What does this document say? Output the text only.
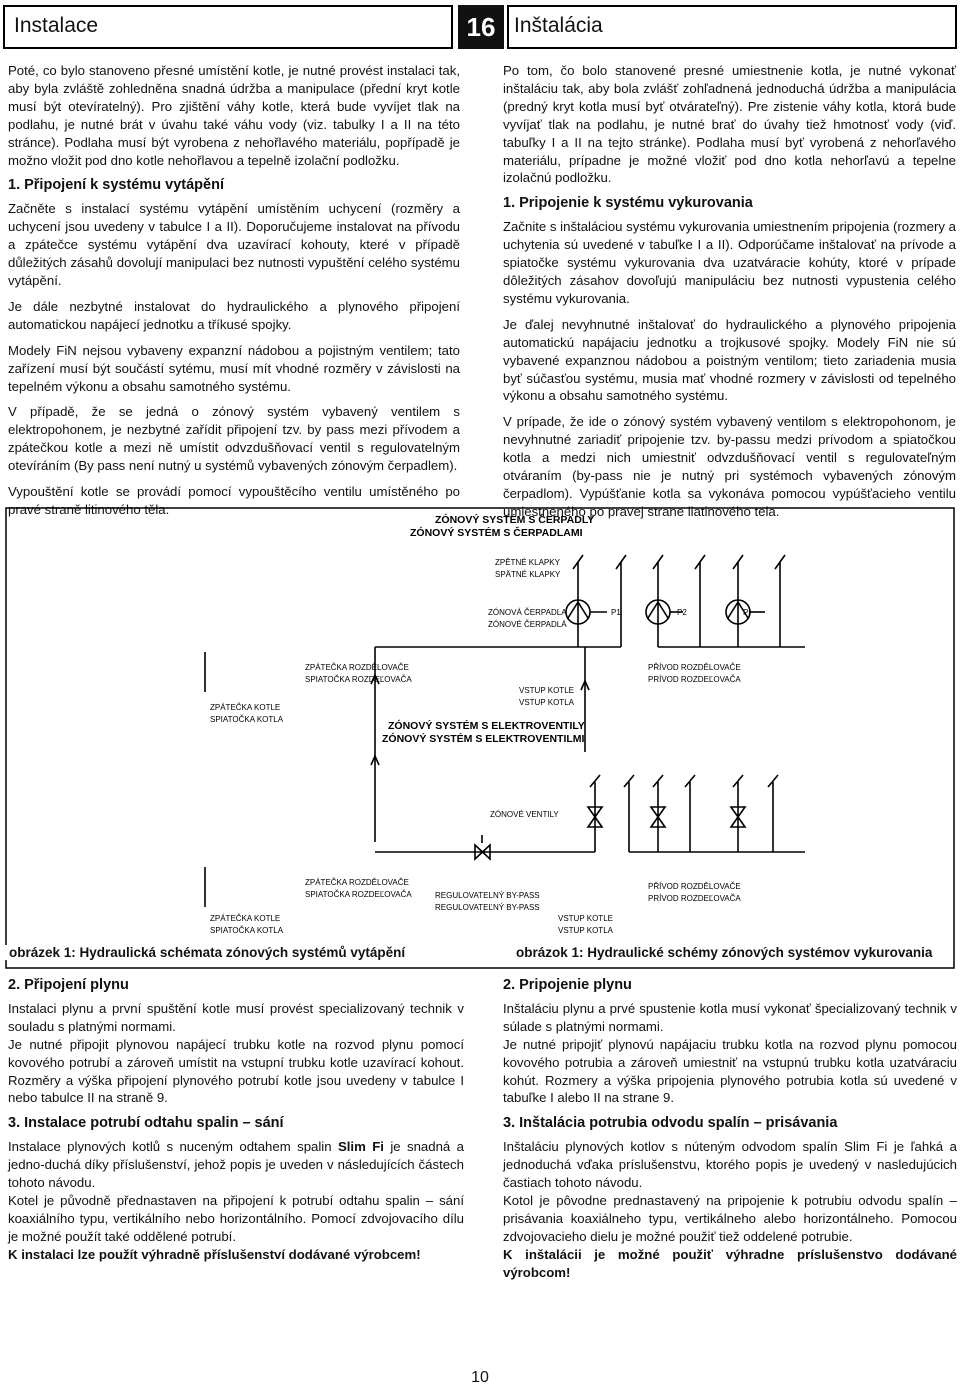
Instalace	16 Inštalácia

Poté, co bylo stanoveno přesné umístění kotle, je nutné provést instalaci tak, aby byla zvláště zohledněna snadná údržba a manipulace (přední kryt kotle musí být otevíratelný). Pro zjištění váhy kotle, která bude vyvíjet tlak na podlahu, je nutné brát v úvahu také váhu vody (viz. tabulky I a II na této stránce). Podlaha musí být vyrobena z nehořlavého materiálu, popřípadě je možno vložit pod dno kotle nehořlavou a tepelně izolační podložku.

1. Připojení k systému vytápění

Začněte s instalací systému vytápění umístěním uchycení (rozměry a uchycení jsou uvedeny v tabulce I a II). Doporučujeme instalovat na přívodu a zpátečce systému vytápění dva uzavírací kohouty, které v případě důležitých zásahů dovolují manipulaci bez nutnosti vypuštění celého systému vytápění.

Je dále nezbytné instalovat do hydraulického a plynového připojení automatickou napájecí jednotku a tříkusé spojky.

Modely FiN nejsou vybaveny expanzní nádobou a pojistným ventilem; tato zařízení musí být součástí sytému, musí mít vhodné rozměry v závislosti na tepelném výkonu a obsahu samotného systému.

V případě, že se jedná o zónový systém vybavený ventilem s elektropohonem, je nezbytné zařídit připojení tzv. by pass mezi přívodem a zpátečkou kotle a mezi ně umístit odvzdušňovací ventil s regulovatelným otevíráním (By pass není nutný u systémů vybavených zónovým čerpadlem).

Vypouštění kotle se provádí pomocí vypouštěcího ventilu umístěného po pravé straně litinového těla.

Po tom, čo bolo stanovené presné umiestnenie kotla, je nutné vykonať inštaláciu tak, aby bola zvlášť zohľadnená jednoduchá údržba a manipulácia (predný kryt kotla musí byť otvárateľný). Pre zistenie váhy kotla, ktorá bude vyvíjať tlak na podlahu, je nutné brať do úvahy tiež hmotnosť vody (viď. tabuľky I a II na tejto stránke). Podlaha musí byť vyrobená z nehorľavého materiálu, prípadne je možné vložiť pod dno kotla nehorľavú a tepelne izolačnú podložku.

1. Pripojenie k systému vykurovania

Začnite s inštaláciou systému vykurovania umiestnením pripojenia (rozmery a uchytenia sú uvedené v tabuľke I a II). Odporúčame inštalovať na prívode a spiatočke systému vykurovania dva uzatváracie kohúty, ktoré v prípade dôležitých zásahov dovoľujú manipuláciu bez nutnosti vypustenia celého systému vykurovania.

Je ďalej nevyhnutné inštalovať do hydraulického a plynového pripojenia automatickú napájaciu jednotku a trojkusové spojky. Modely FiN nie sú vybavené expanznou nádobou a poistným ventilom; tieto zariadenia musia byť súčasťou systému, musia mať vhodné rozmery v závislosti od tepelného výkonu a obsahu samotného systému.

V prípade, že ide o zónový systém vybavený ventilom s elektropohonom, je nevyhnutné zariadiť pripojenie tzv. by-passu medzi prívodom a spiatočkou kotla a medzi nich umiestniť odvzdušňovací ventil s regulovateľným otváraním (by-pass nie je nutný pri systémoch vybavených zónovým čerpadlom). Vypúšťanie kotla sa vykonáva pomocou vypúšťacieho ventilu umiestneného po pravej strane liatinového tela.

ZÓNOVÝ SYSTÉM S ČERPADLY
ZÓNOVÝ SYSTÉM S ČERPADLAMI
ZPĚTNÉ KLAPKY
SPÄTNÉ KLAPKY
ZÓNOVÁ ČERPADLA
ZÓNOVÉ ČERPADLÁ
P1	P2	Pr
ZPÁTEČKA ROZDĚLOVAČE
SPIATOČKA ROZDEĽOVAČA
PŘÍVOD ROZDĚLOVAČE
PRÍVOD ROZDEĽOVAČA
VSTUP KOTLE
VSTUP KOTLA
ZPÁTEČKA KOTLE
SPIATOČKA KOTLA
ZÓNOVÝ SYSTÉM S ELEKTROVENTILY
ZÓNOVÝ SYSTÉM S ELEKTROVENTILMI
ZÓNOVÉ VENTILY
ZPÁTEČKA ROZDĚLOVAČE
SPIATOČKA ROZDEĽOVAČA	REGULOVATELNÝ BY-PASS
REGULOVATEĽNÝ BY-PASS
PŘÍVOD ROZDĚLOVAČE
PRÍVOD ROZDEĽOVAČA
VSTUP KOTLE
VSTUP KOTLA
ZPÁTEČKA KOTLE
SPIATOČKA KOTLA
obrázek 1: Hydraulická schémata zónových systémů vytápění	obrázok 1: Hydraulické schémy zónových systémov vykurovania
2. Připojení plynu

Instalaci plynu a první spuštění kotle musí provést specializovaný technik v souladu s platnými normami.

Je nutné připojit plynovou napájecí trubku kotle na rozvod plynu pomocí kovového potrubí a zároveň umístit na vstupní trubku kotle uzavírací kohout. Rozměry a výška připojení plynového potrubí kotle jsou uvedeny v tabulce I nebo tabulce II na straně 9.

3. Instalace potrubí odtahu spalin – sání

Instalace plynových kotlů s nuceným odtahem spalin Slim Fi je snadná a jedno-duchá díky příslušenství, jehož popis je uveden v následujících částech tohoto návodu.

Kotel je původně přednastaven na připojení k potrubí odtahu spalin – sání koaxiálního typu, vertikálního nebo horizontálního. Pomocí zdvojovacího dílu je možné použít také oddělené potrubí.

K instalaci lze použít výhradně příslušenství dodávané výrobcem!

2. Pripojenie plynu

Inštaláciu plynu a prvé spustenie kotla musí vykonať špecializovaný technik v súlade s platnými normami.

Je nutné pripojiť plynovú napájaciu trubku kotla na rozvod plynu pomocou kovového potrubia a zároveň umiestniť na vstupnú trubku kotla uzatváraciu kohút. Rozmery a výška pripojenia plynového potrubia kotla sú uvedené v tabuľke I alebo II na strane 9.

3. Inštalácia potrubia odvodu spalín – prisávania

Inštaláciu plynových kotlov s núteným odvodom spalín Slim Fi je ľahká a jednoduchá vďaka príslušenstvu, ktorého popis je uvedený v nasledujúcich častiach tohoto návodu.

Kotol je pôvodne prednastavený na pripojenie k potrubiu odvodu spalín – prisávania koaxiálneho typu, vertikálneho alebo horizontálneho. Pomocou zdvojovacieho dielu je možné použiť tiež oddelené potrubie.

K inštalácii je možné použiť výhradne príslušenstvo dodávané výrobcom!

10
